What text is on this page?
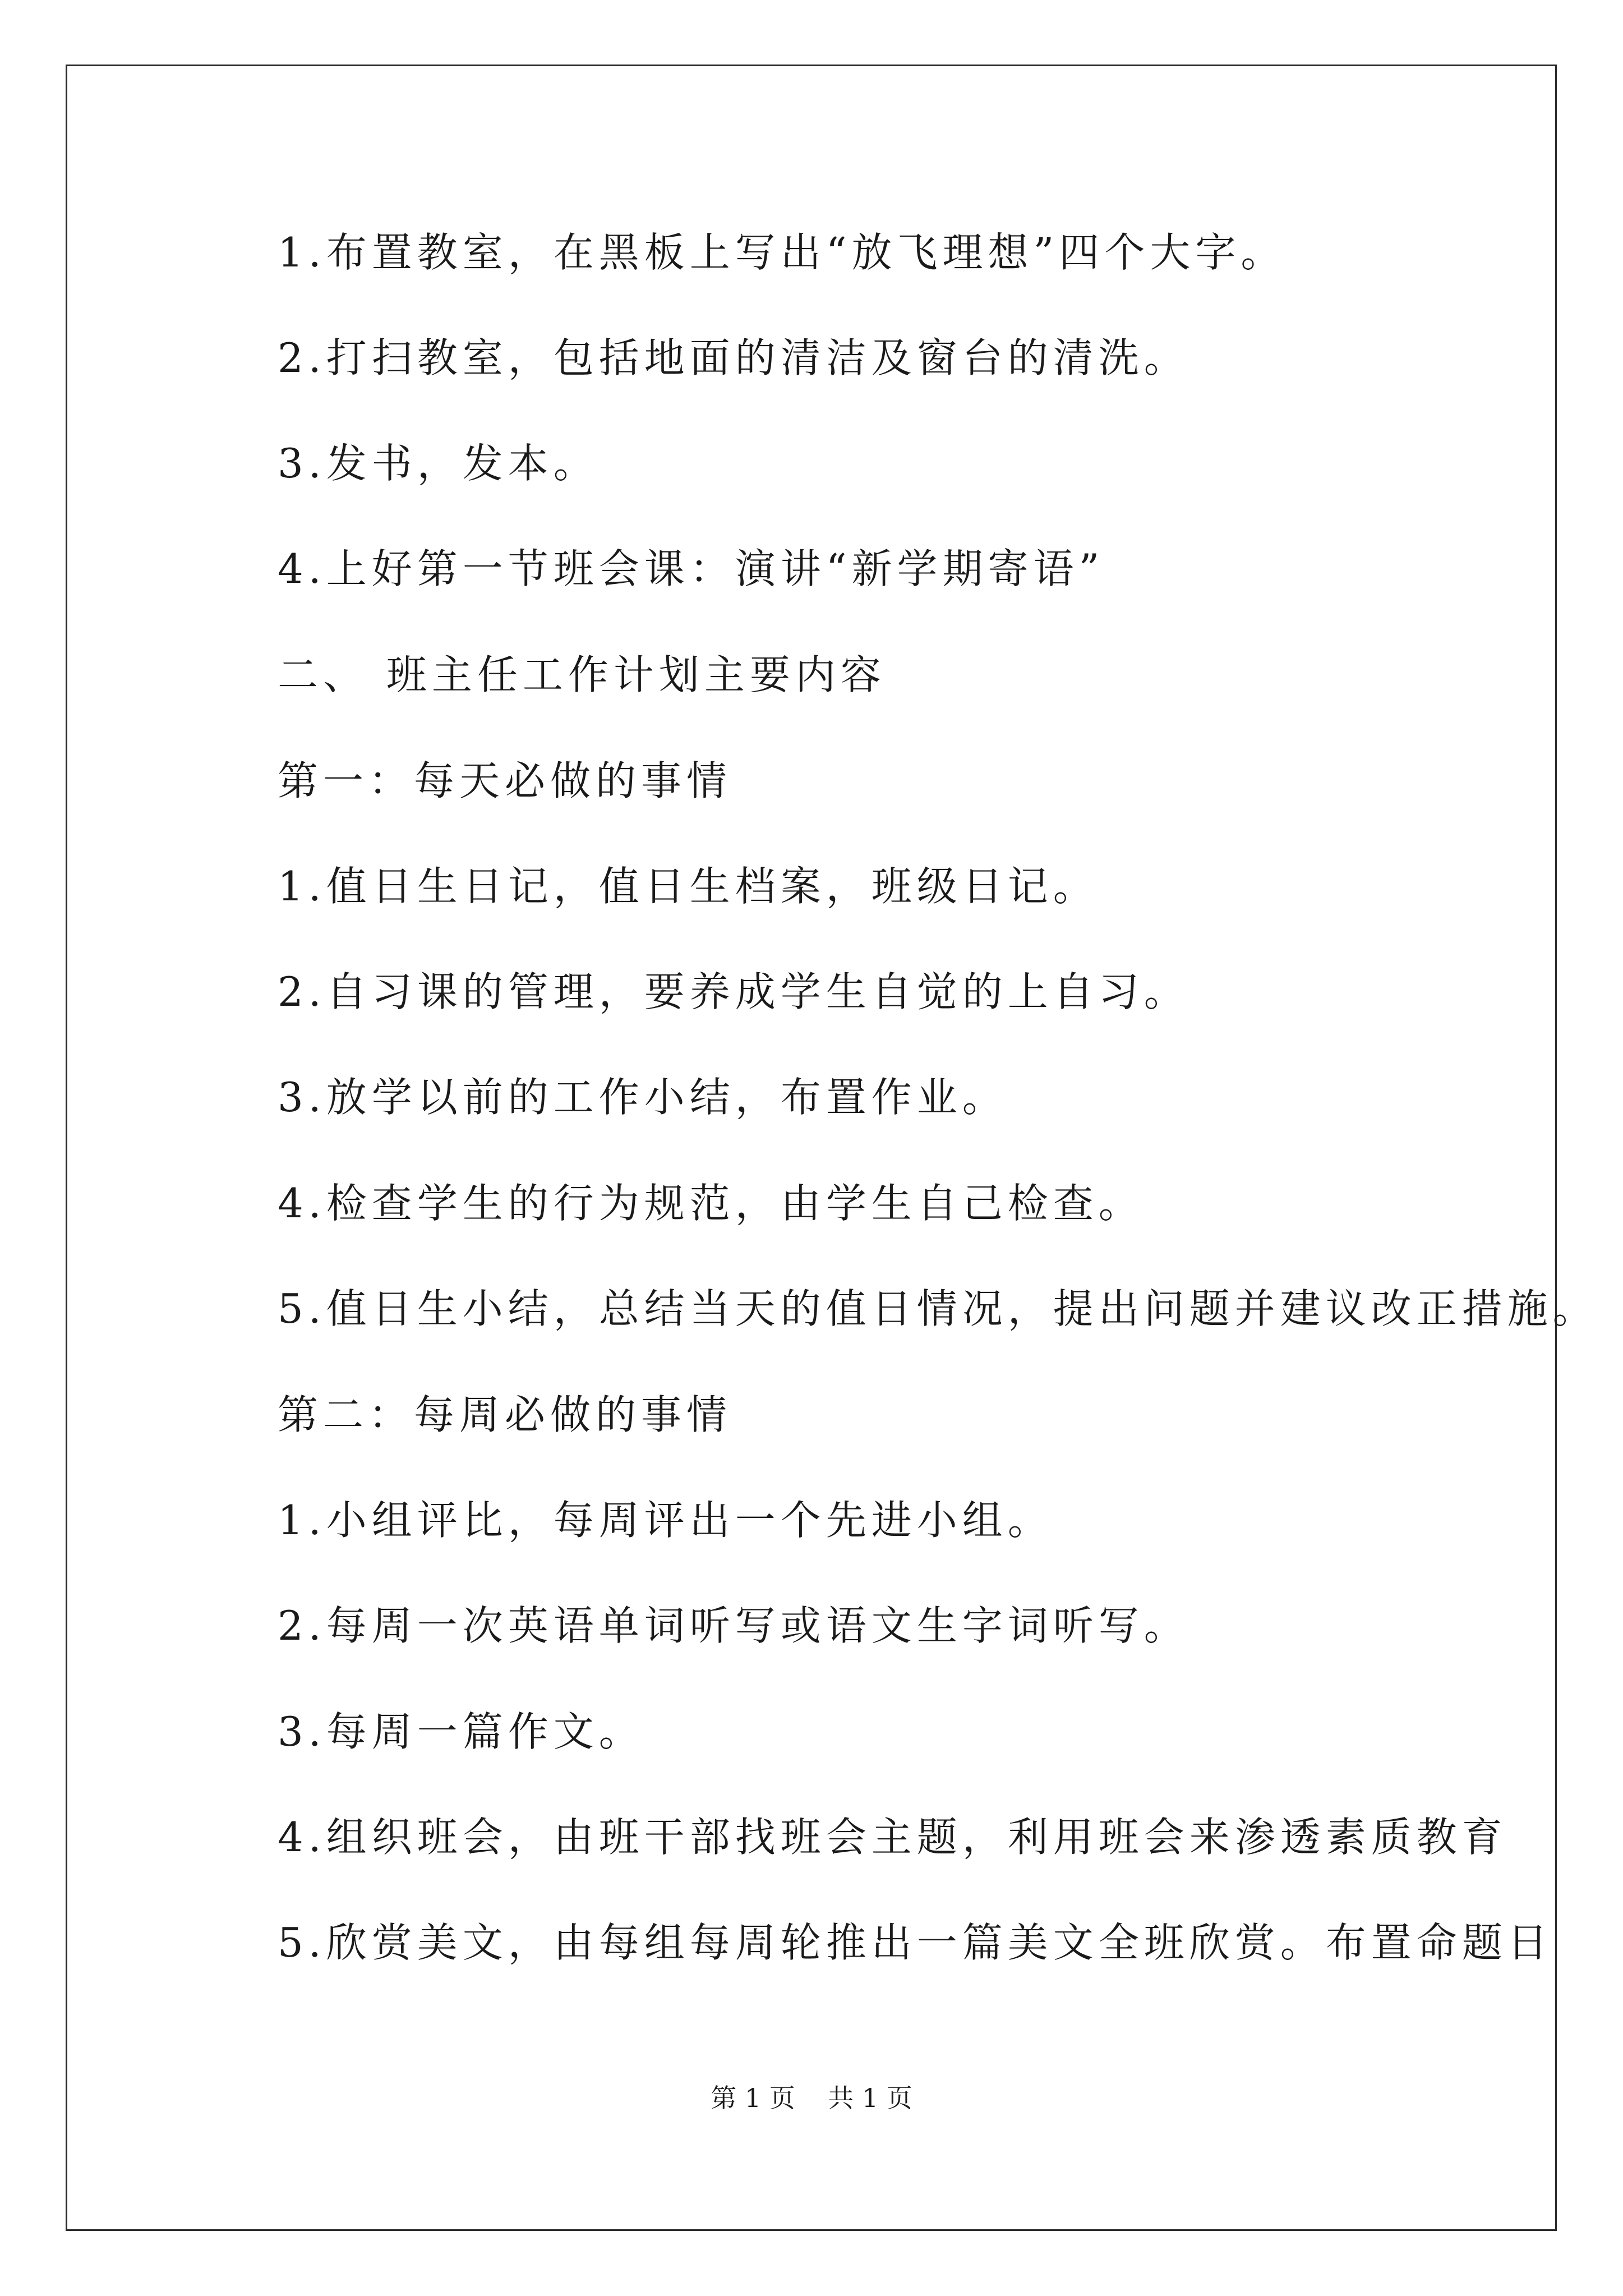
1.布置教室，在黑板上写出“放飞理想”四个大字。
2.打扫教室，包括地面的清洁及窗台的清洗。
3.发书，发本。
4.上好第一节班会课：演讲“新学期寄语”
二、 班主任工作计划主要内容
第一：每天必做的事情
1.值日生日记，值日生档案，班级日记。
2.自习课的管理，要养成学生自觉的上自习。
3.放学以前的工作小结，布置作业。
4.检查学生的行为规范，由学生自己检查。
5.值日生小结，总结当天的值日情况，提出问题并建议改正措施。
第二：每周必做的事情
1.小组评比，每周评出一个先进小组。
2.每周一次英语单词听写或语文生字词听写。
3.每周一篇作文。
4.组织班会，由班干部找班会主题，利用班会来渗透素质教育
5.欣赏美文，由每组每周轮推出一篇美文全班欣赏。布置命题日
第 1 页    共 1 页
